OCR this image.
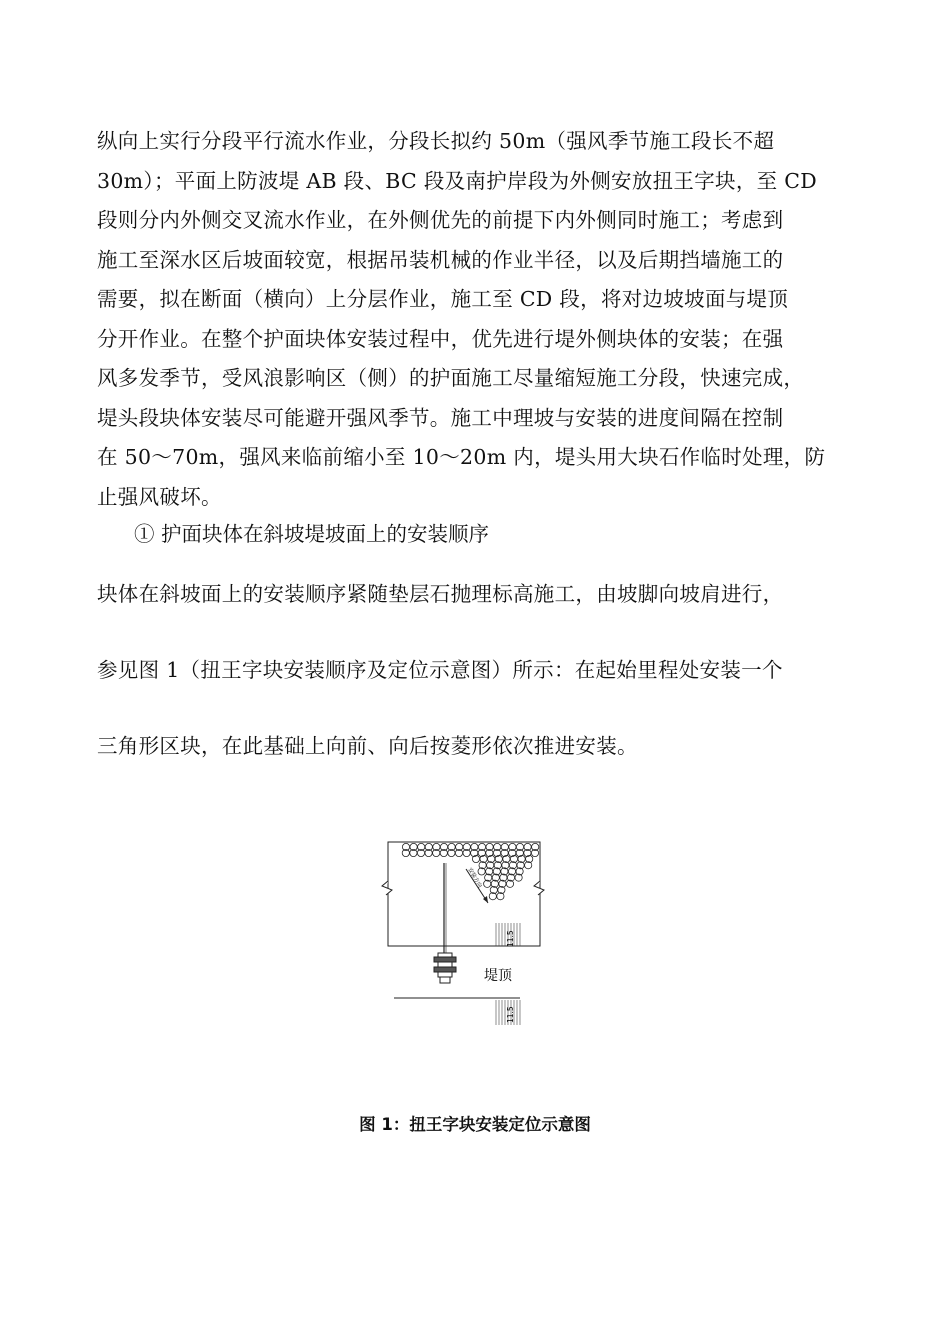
纵向上实行分段平行流水作业，分段长拟约 50m（强风季节施工段长不超
30m）；平面上防波堤 AB 段、BC 段及南护岸段为外侧安放扭王字块，至 CD
段则分内外侧交叉流水作业，在外侧优先的前提下内外侧同时施工；考虑到
施工至深水区后坡面较宽，根据吊装机械的作业半径，以及后期挡墙施工的
需要，拟在断面（横向）上分层作业，施工至 CD 段，将对边坡坡面与堤顶
分开作业。在整个护面块体安装过程中，优先进行堤外侧块体的安装；在强
风多发季节，受风浪影响区（侧）的护面施工尽量缩短施工分段，快速完成，
堤头段块体安装尽可能避开强风季节。施工中理坡与安装的进度间隔在控制
在 50～70m，强风来临前缩小至 10～20m 内，堤头用大块石作临时处理，防
止强风破坏。
① 护面块体在斜坡堤坡面上的安装顺序
块体在斜坡面上的安装顺序紧随垫层石抛理标高施工，由坡脚向坡肩进行，
参见图 1（扭王字块安装顺序及定位示意图）所示：在起始里程处安装一个
三角形区块，在此基础上向前、向后按菱形依次推进安装。
安装方向
堤顶
11.5
11.5
图 1：扭王字块安装定位示意图
